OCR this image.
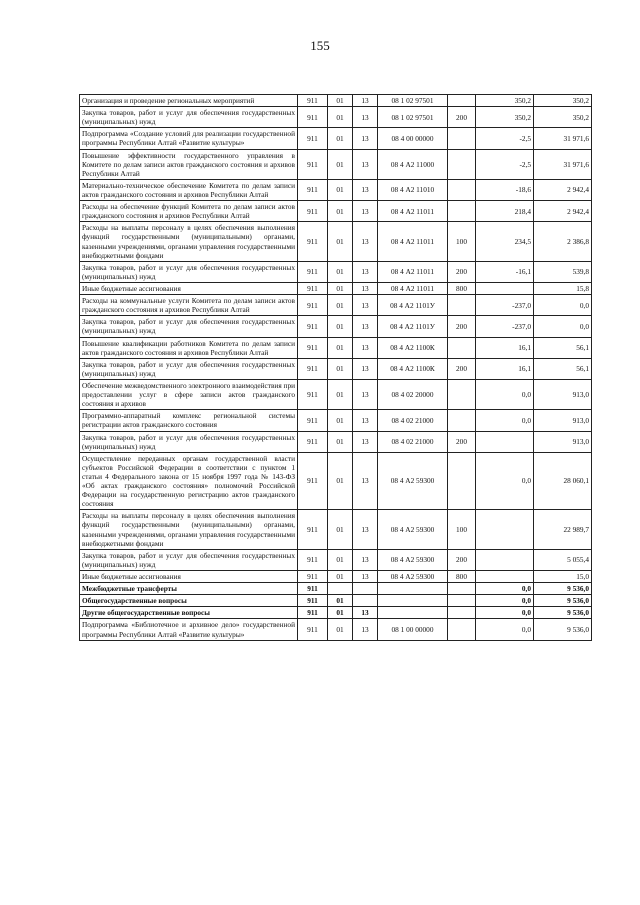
155
Организация и проведение региональных мероприятий	911	01	13	08 1 02 97501		350,2	350,2
Закупка товаров, работ и услуг для обеспечения государственных (муниципальных) нужд	911	01	13	08 1 02 97501	200	350,2	350,2
Подпрограмма «Создание условий для реализации государственной программы Республики Алтай «Развитие культуры»	911	01	13	08 4 00 00000		-2,5	31 971,6
Повышение эффективности государственного управления в Комитете по делам записи актов гражданского состояния и архивов Республики Алтай	911	01	13	08 4 А2 11000		-2,5	31 971,6
Материально-техническое обеспечение Комитета по делам записи актов гражданского состояния и архивов Республики Алтай	911	01	13	08 4 А2 11010		-18,6	2 942,4
Расходы на обеспечение функций Комитета по делам записи актов гражданского состояния и архивов Республики Алтай	911	01	13	08 4 А2 11011		218,4	2 942,4
Расходы на выплаты персоналу в целях обеспечения выполнения функций государственными (муниципальными) органами, казенными учреждениями, органами управления государственными внебюджетными фондами	911	01	13	08 4 А2 11011	100	234,5	2 386,8
Закупка товаров, работ и услуг для обеспечения государственных (муниципальных) нужд	911	01	13	08 4 А2 11011	200	-16,1	539,8
Иные бюджетные ассигнования	911	01	13	08 4 А2 11011	800		15,8
Расходы на коммунальные услуги Комитета по делам записи актов гражданского состояния и архивов Республики Алтай	911	01	13	08 4 А2 1101У		-237,0	0,0
Закупка товаров, работ и услуг для обеспечения государственных (муниципальных) нужд	911	01	13	08 4 А2 1101У	200	-237,0	0,0
Повышение квалификации работников Комитета по делам записи актов гражданского состояния и архивов Республики Алтай	911	01	13	08 4 А2 1100К		16,1	56,1
Закупка товаров, работ и услуг для обеспечения государственных (муниципальных) нужд	911	01	13	08 4 А2 1100К	200	16,1	56,1
Обеспечение межведомственного электронного взаимодействия при предоставлении услуг в сфере записи актов гражданского состояния и архивов	911	01	13	08 4 02 20000		0,0	913,0
Программно-аппаратный комплекс региональной системы регистрации актов гражданского состояния	911	01	13	08 4 02 21000		0,0	913,0
Закупка товаров, работ и услуг для обеспечения государственных (муниципальных) нужд	911	01	13	08 4 02 21000	200		913,0
Осуществление переданных органам государственной власти субъектов Российской Федерации в соответствии с пунктом 1 статьи 4 Федерального закона от 15 ноября 1997 года № 143-ФЗ «Об актах гражданского состояния» полномочий Российской Федерации на государственную регистрацию актов гражданского состояния	911	01	13	08 4 А2 59300		0,0	28 060,1
Расходы на выплаты персоналу в целях обеспечения выполнения функций государственными (муниципальными) органами, казенными учреждениями, органами управления государственными внебюджетными фондами	911	01	13	08 4 А2 59300	100		22 989,7
Закупка товаров, работ и услуг для обеспечения государственных (муниципальных) нужд	911	01	13	08 4 А2 59300	200		5 055,4
Иные бюджетные ассигнования	911	01	13	08 4 А2 59300	800		15,0
Межбюджетные трансферты	911					0,0	9 536,0
Общегосударственные вопросы	911	01				0,0	9 536,0
Другие общегосударственные вопросы	911	01	13			0,0	9 536,0
Подпрограмма «Библиотечное и архивное дело» государственной программы Республики Алтай «Развитие культуры»	911	01	13	08 1 00 00000		0,0	9 536,0
